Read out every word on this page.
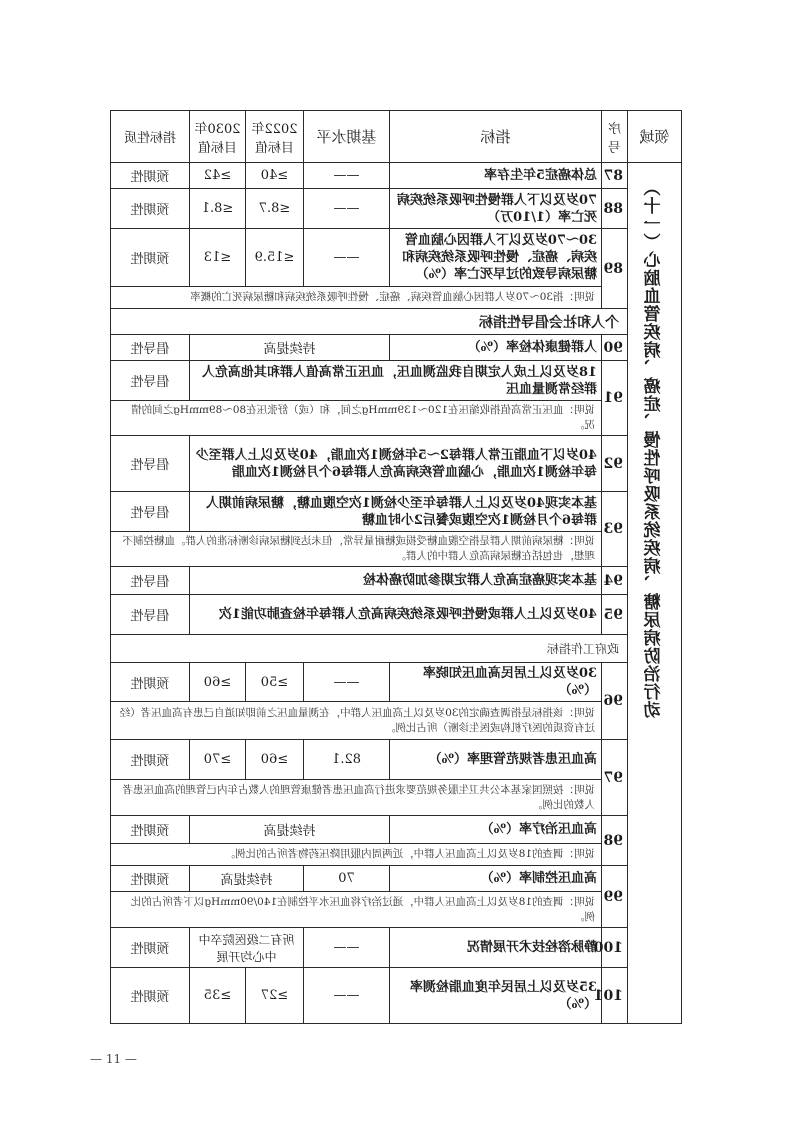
领域	序号	指标	基期水平	2022年目标值	2030年目标值	指标性质

（十一）心脑血管疾病、癌症、慢性呼吸系统疾病、糖尿病防治行动	87	总体癌症5年生存率	——	≥40	≥42	预期性
	88	70岁及以下人群慢性呼吸系统疾病死亡率（1/10万）	——	≤8.7	≤8.1	预期性
	89	30～70岁及以下人群因心脑血管疾病、癌症、慢性呼吸系统疾病和糖尿病导致的过早死亡率（%）	——	≤15.9	≤13	预期性
		说明：指30～70岁人群因心脑血管疾病、癌症、慢性呼吸系统疾病和糖尿病死亡的概率				
	个人和社会倡导性指标					
	90	人群健康体检率（%）	持续提高			倡导性
	91	18岁及以上成人定期自我监测血压，血压正常高值人群和其他高危人群经常测量血压				倡导性
		说明：血压正常高值指收缩压在120～139mmHg之间，和（或）舒张压在80～89mmHg之间的情况。				
	92	40岁以下血脂正常人群每2～5年检测1次血脂，40岁及以上人群至少每年检测1次血脂，心脑血管疾病高危人群每6个月检测1次血脂				倡导性
	93	基本实现40岁及以上人群每年至少检测1次空腹血糖，糖尿病前期人群每6个月检测1次空腹或餐后2小时血糖				倡导性
		说明：糖尿病前期人群是指空腹血糖受损或糖耐量异常，但未达到糖尿病诊断标准的人群。血糖控制不理想，也包括在糖尿病高危人群中的人群。				
	94	基本实现癌症高危人群定期参加防癌体检				倡导性
	95	40岁及以上人群或慢性呼吸系统疾病高危人群每年检查肺功能1次				倡导性
	政府工作指标					
	96	30岁及以上居民高血压知晓率（%）	——	≥50	≥60	预期性
		说明：该指标是指调查确定的30岁及以上高血压人群中，在测量血压之前即知道自己患有高血压者（经过有资质的医疗机构或医生诊断）所占比例。				
	97	高血压患者规范管理率（%）	82.1	≥60	≥70	预期性
		说明：按照国家基本公共卫生服务规范要求进行高血压患者健康管理的人数占年内已管理的高血压患者人数的比例。				
	98	高血压治疗率（%）	持续提高			预期性
		说明：调查的18岁及以上高血压人群中，近两周内服用降压药物者所占的比例。				
	99	高血压控制率（%）	70	持续提高		预期性
		说明：调查的18岁及以上高血压人群中，通过治疗将血压水平控制在140/90mmHg以下者所占的比例。				
	100	静脉溶栓技术开展情况	——	所有二级医院卒中中心均开展		预期性
	101	35岁及以上居民年度血脂检测率（%）	——	≥27	≥35	预期性
— 11 —
